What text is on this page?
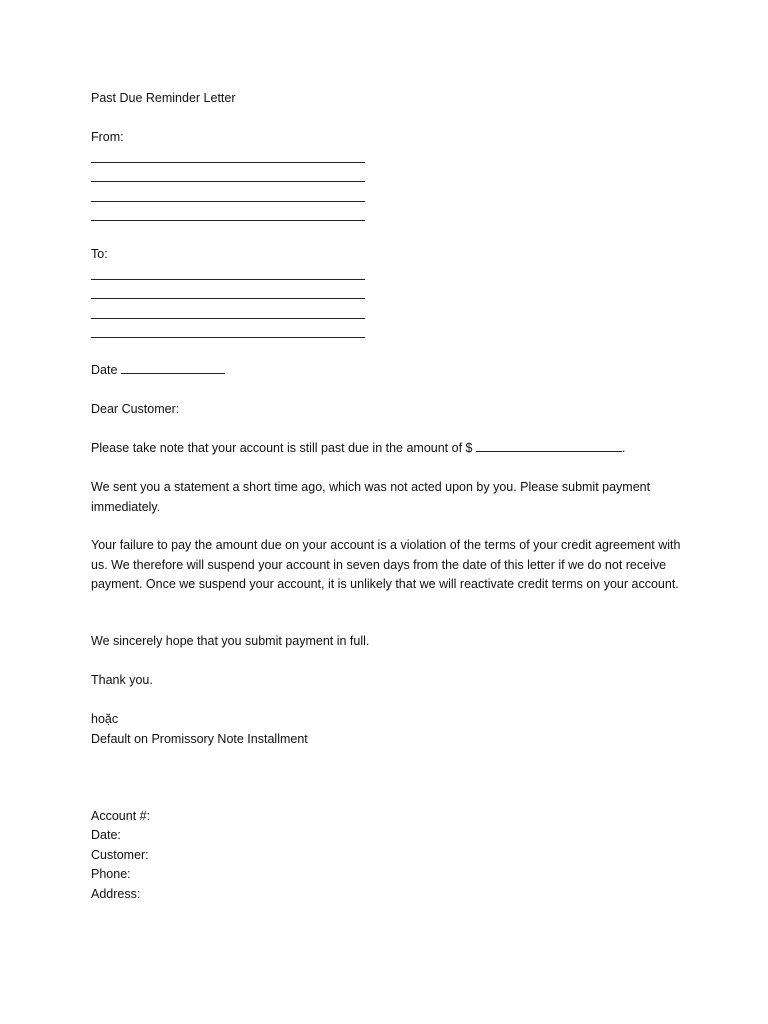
Past Due Reminder Letter

From:

To:

Date

Dear Customer:

Please take note that your account is still past due in the amount of $	.

We sent you a statement a short time ago, which was not acted upon by you. Please submit payment immediately.

Your failure to pay the amount due on your account is a violation of the terms of your credit agreement with us. We therefore will suspend your account in seven days from the date of this letter if we do not receive payment. Once we suspend your account, it is unlikely that we will reactivate credit terms on your account.

We sincerely hope that you submit payment in full.

Thank you.

hoặc

Default on Promissory Note Installment

Account #:

Date:

Customer:

Phone:

Address:
